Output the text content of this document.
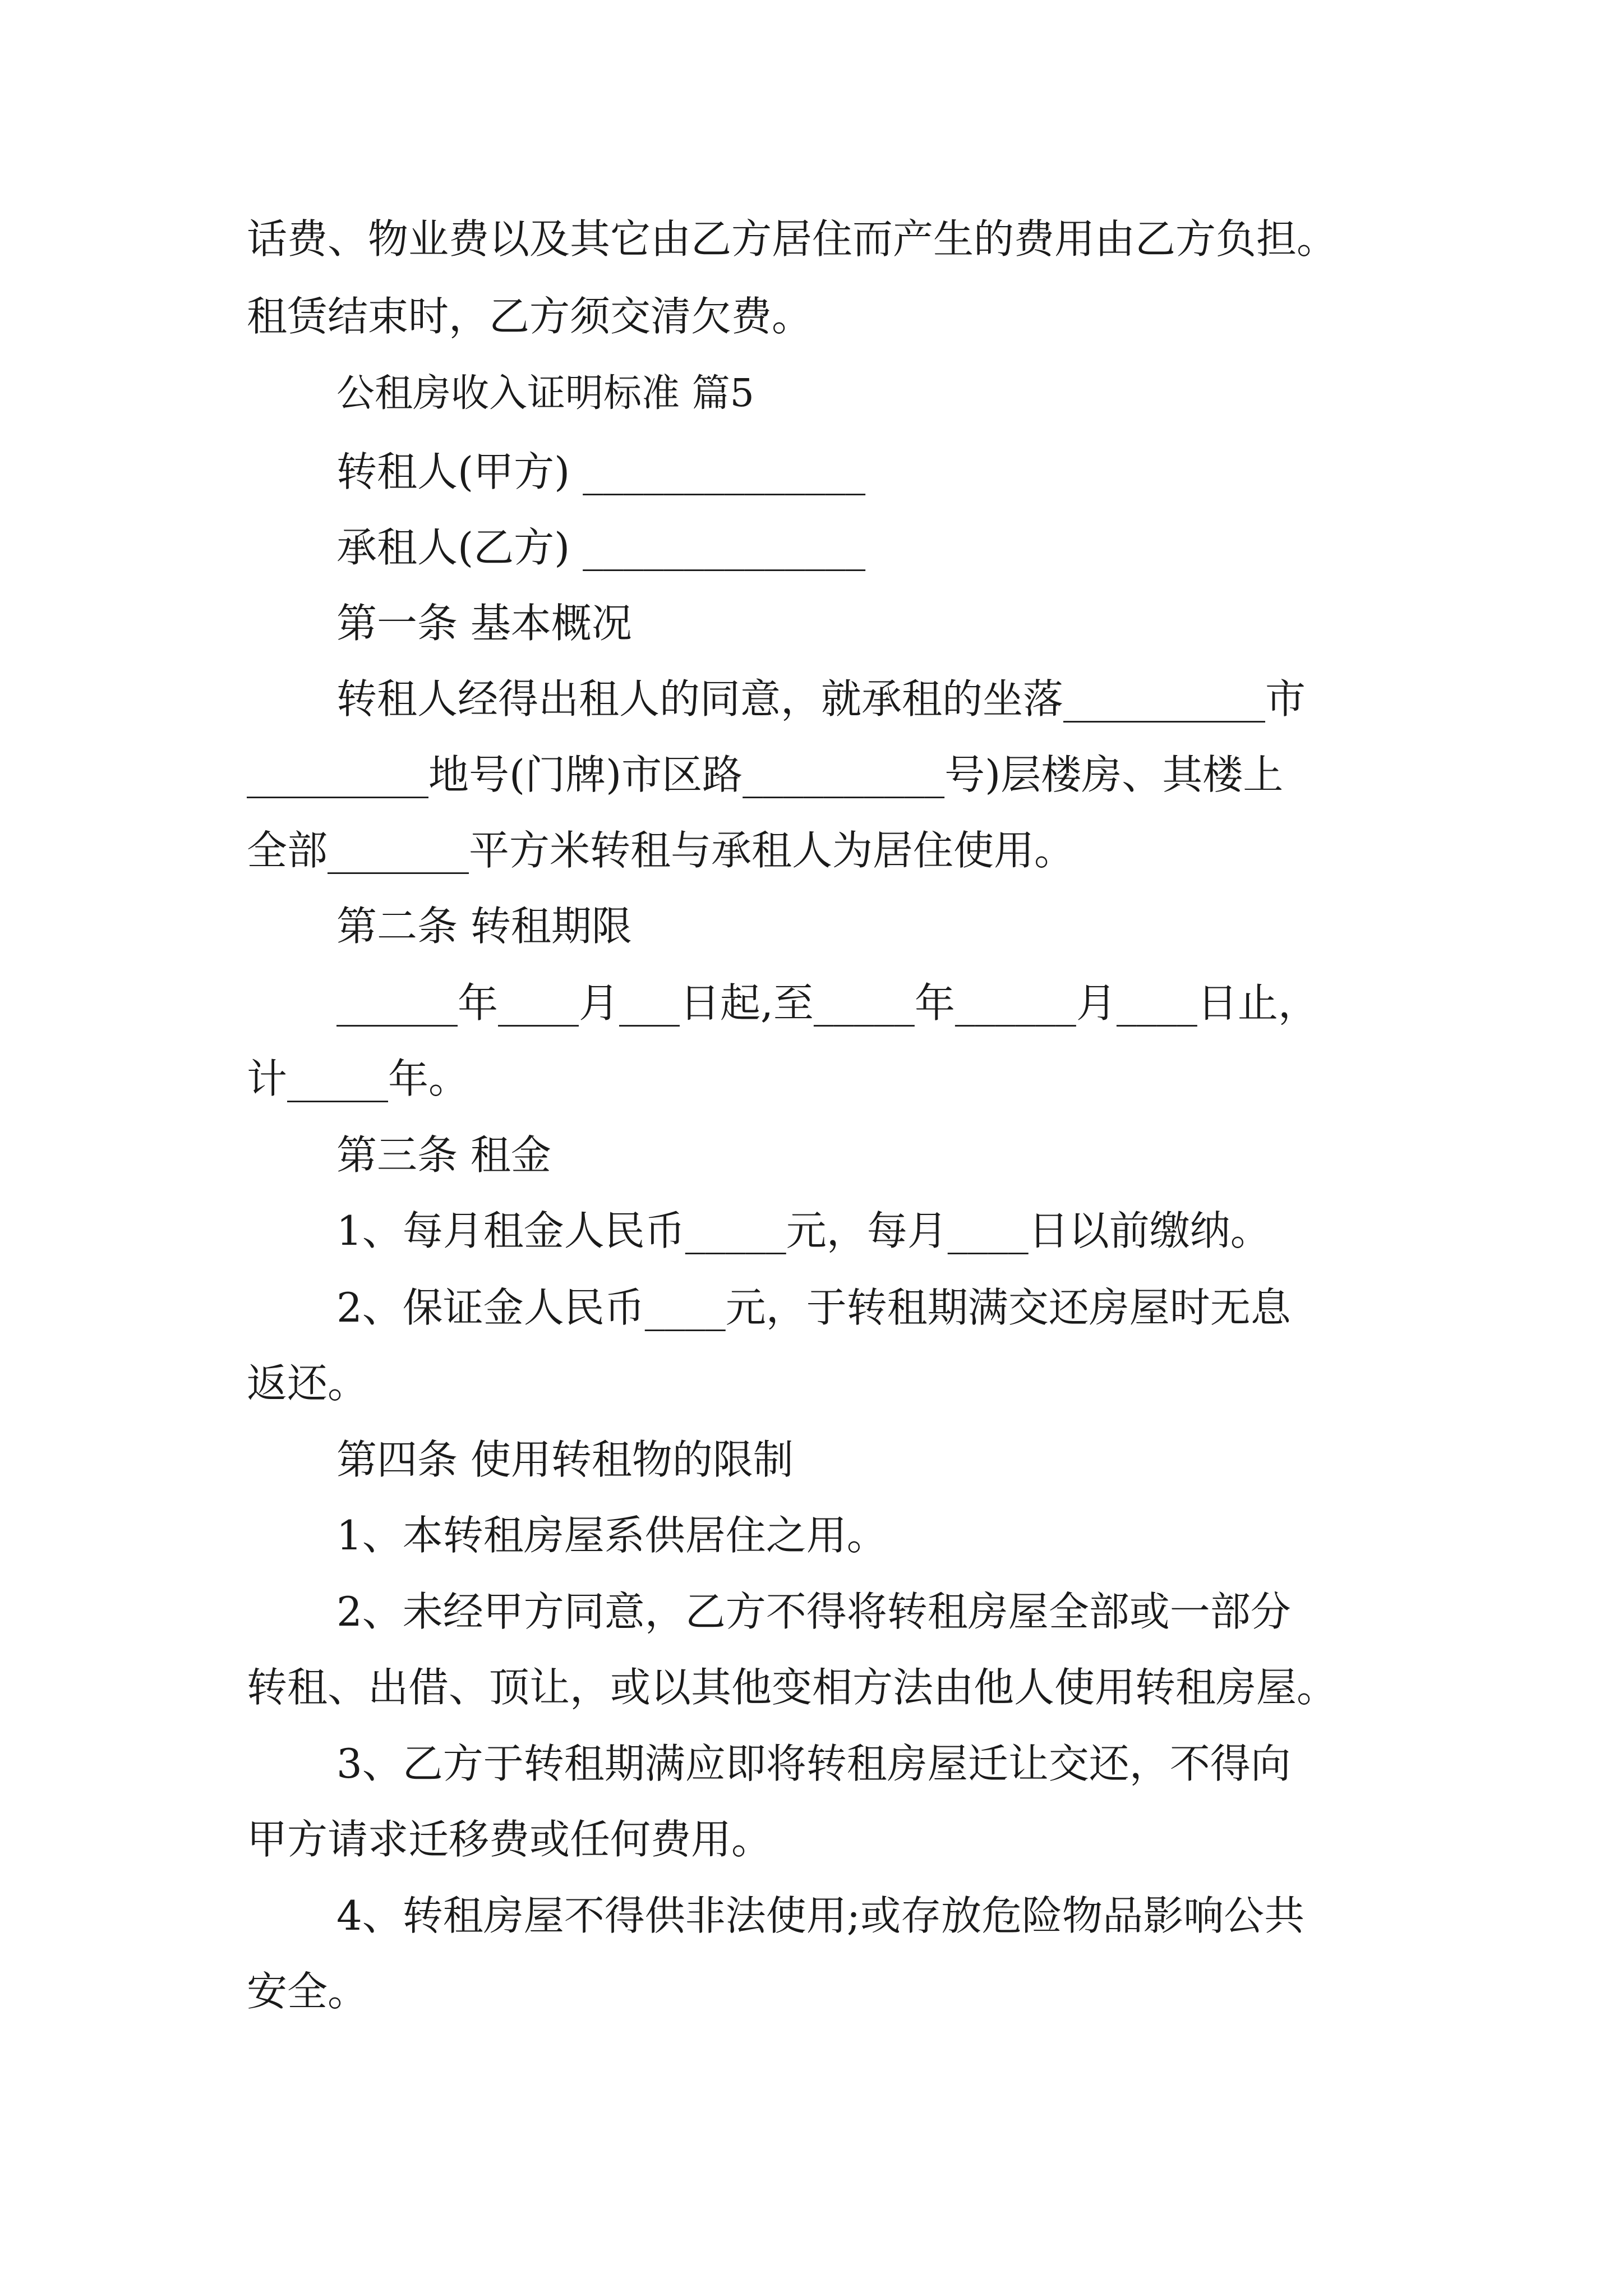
话费、物业费以及其它由乙方居住而产生的费用由乙方负担。
租赁结束时，乙方须交清欠费。
公租房收入证明标准 篇5
转租人(甲方) ______________
承租人(乙方) ______________
第一条 基本概况
转租人经得出租人的同意，就承租的坐落__________市
_________地号(门牌)市区路__________号)层楼房、其楼上
全部_______平方米转租与承租人为居住使用。
第二条 转租期限
______年____月___日起,至_____年______月____日止，
计_____年。
第三条 租金
1、每月租金人民币_____元，每月____日以前缴纳。
2、保证金人民币____元，于转租期满交还房屋时无息
返还。
第四条 使用转租物的限制
1、本转租房屋系供居住之用。
2、未经甲方同意，乙方不得将转租房屋全部或一部分
转租、出借、顶让，或以其他变相方法由他人使用转租房屋。
3、乙方于转租期满应即将转租房屋迁让交还，不得向
甲方请求迁移费或任何费用。
4、转租房屋不得供非法使用;或存放危险物品影响公共
安全。
